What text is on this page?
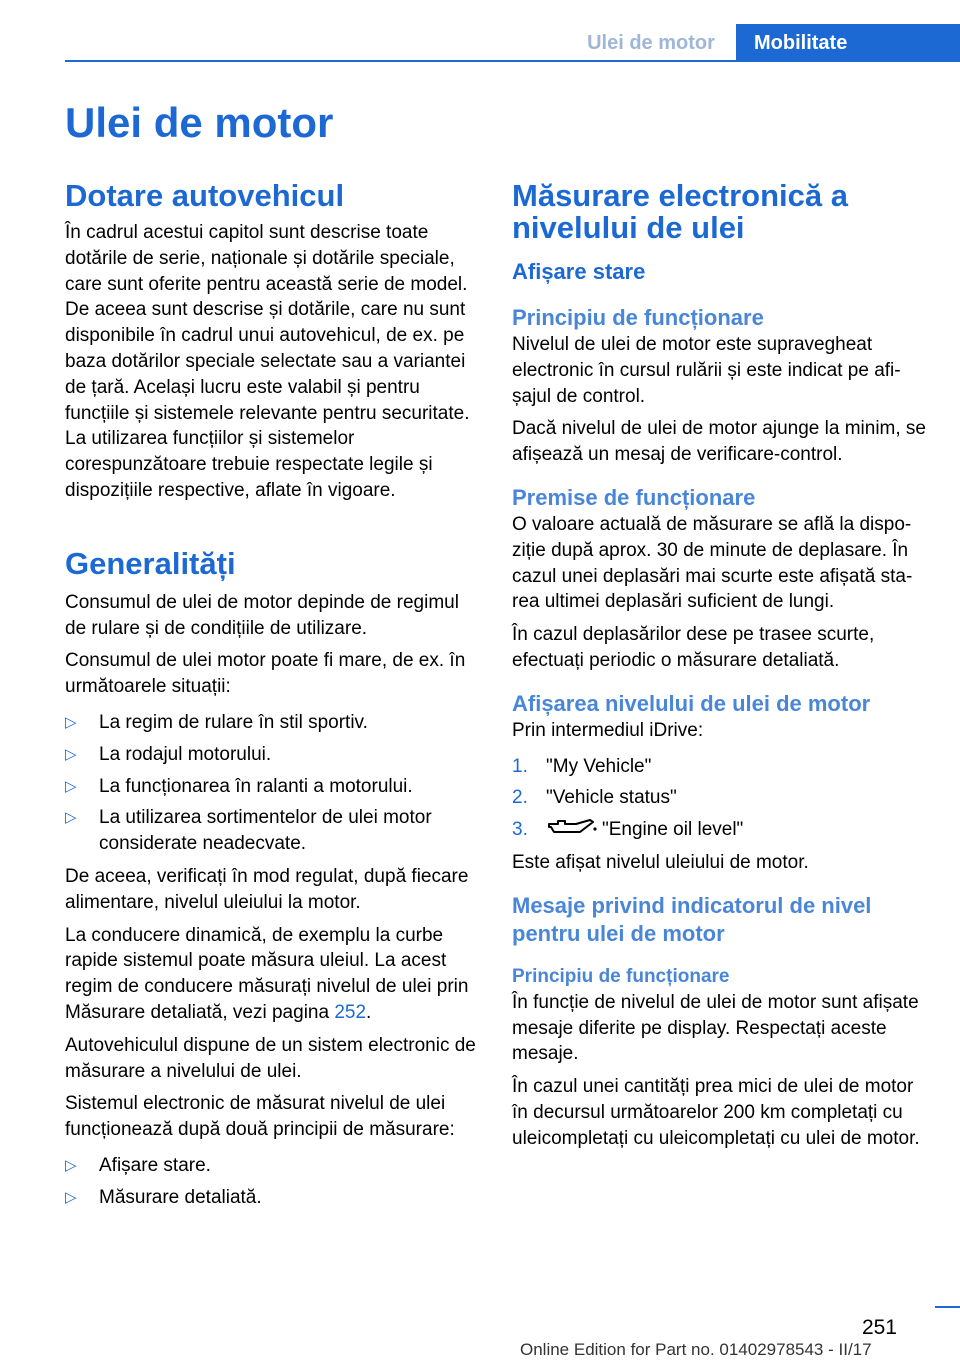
Ulei de motor	Mobilitate
Ulei de motor
Dotare autovehicul

În cadrul acestui capitol sunt descrise toate dotările de serie, naționale și dotările speciale, care sunt oferite pentru această serie de model. De aceea sunt descrise și dotările, care nu sunt disponibile în cadrul unui autovehicul, de ex. pe baza dotărilor speciale selectate sau a variantei de țară. Același lucru este valabil și pentru funcțiile și sistemele relevante pentru securitate. La utilizarea funcțiilor și sistemelor corespunzătoare trebuie respectate legile și dispozițiile respective, aflate în vigoare.

Generalități

Consumul de ulei de motor depinde de regimul de rulare și de condițiile de utilizare.

Consumul de ulei motor poate fi mare, de ex. în următoarele situații:

▷ La regim de rulare în stil sportiv.
▷ La rodajul motorului.
▷ La funcționarea în ralanti a motorului.
▷ La utilizarea sortimentelor de ulei motor considerate neadecvate.

De aceea, verificați în mod regulat, după fiecare alimentare, nivelul uleiului la motor.

La conducere dinamică, de exemplu la curbe rapide sistemul poate măsura uleiul. La acest regim de conducere măsurați nivelul de ulei prin Măsurare detaliată, vezi pagina 252.

Autovehiculul dispune de un sistem electronic de măsurare a nivelului de ulei.

Sistemul electronic de măsurat nivelul de ulei funcționează după două principii de măsurare:

▷ Afișare stare.
▷ Măsurare detaliată.
Măsurare electronică a nivelului de ulei
Afișare stare
Principiu de funcționare

Nivelul de ulei de motor este supravegheat electronic în cursul rulării și este indicat pe afișajul de control.

Dacă nivelul de ulei de motor ajunge la minim, se afișează un mesaj de verificare-control.

Premise de funcționare

O valoare actuală de măsurare se află la dispoziție după aprox. 30 de minute de deplasare. În cazul unei deplasări mai scurte este afișată starea ultimei deplasări suficient de lungi.

În cazul deplasărilor dese pe trasee scurte, efectuați periodic o măsurare detaliată.

Afișarea nivelului de ulei de motor

Prin intermediul iDrive:

1. "My Vehicle"
2. "Vehicle status"
3.	"Engine oil level"

Este afișat nivelul uleiului de motor.

Mesaje privind indicatorul de nivel pentru ulei de motor
Principiu de funcționare

În funcție de nivelul de ulei de motor sunt afișate mesaje diferite pe display. Respectați aceste mesaje.

În cazul unei cantități prea mici de ulei de motor în decursul următoarelor 200 km completați cu uleicompletați cu uleicompletați cu ulei de motor.

251
Online Edition for Part no. 01402978543 - II/17
